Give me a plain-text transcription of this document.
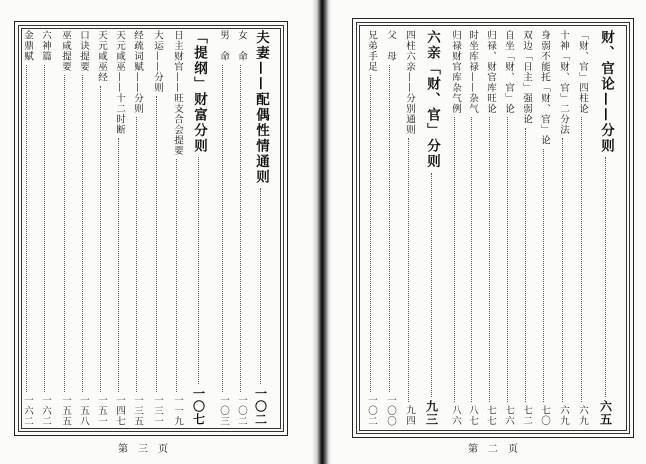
夫妻——配偶性情通则
一〇二
女　命
一〇二
男　命
一〇三
「提纲」财富分则
一〇七
日主财官——旺支合会提要
一一九
大运——分则
一三一
经疏词赋——分则
一三五
天元咸巫——十二时断
一四七
天元咸巫经
一五一
口诀提要
一五八
巫咸提要
一五五
六神篇
一六二
金鼎赋
一六二
财、官论——分则
六五
「财、官」四柱论
六九
十神「财、官」二分法
六九
身弱不能托「财、官」论
七〇
双边「日主」强弱论
七二
自坐「财、官」论
七六
归禄、财官库旺论
七七
时坐库禄——杂气
八七
归禄财官库杂气例
八六
六亲「财、官」分则
九三
四柱六亲——分别通则
九四
父　母
一〇〇
兄弟手足
一〇二
第三页	第二页
